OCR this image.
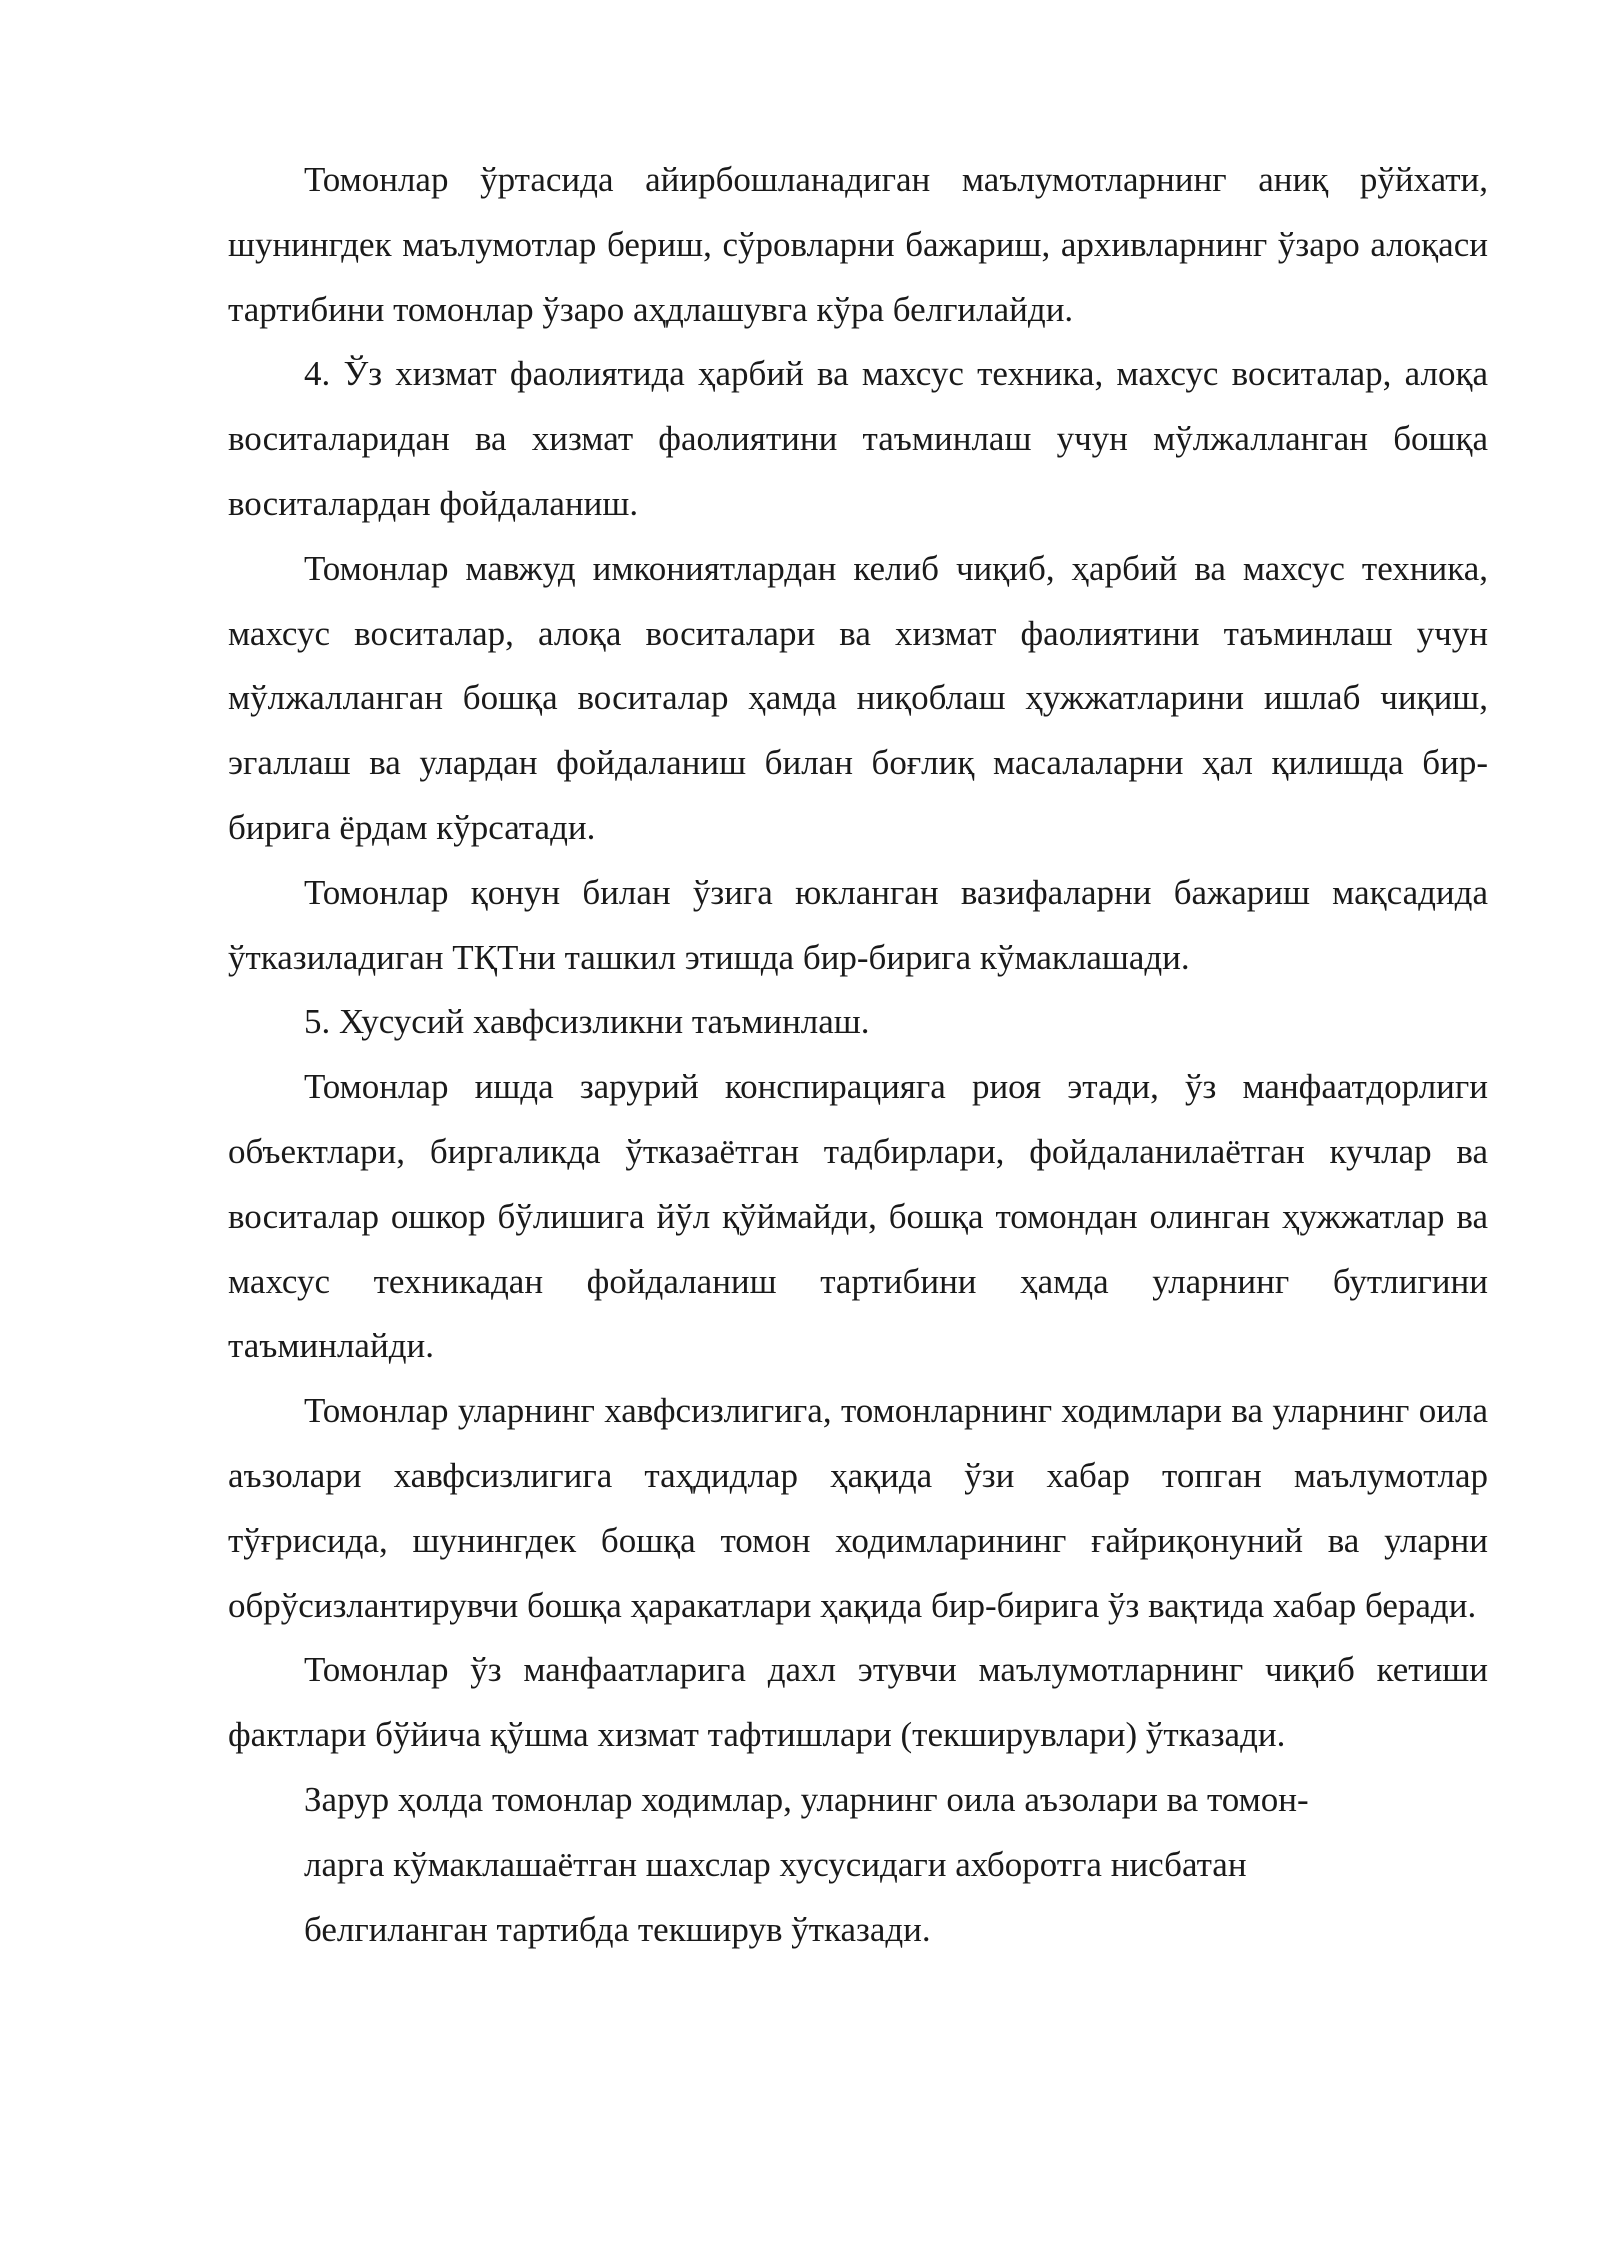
Томонлар ўртасида айирбошланадиган маълумотларнинг аниқ рўйхати, шунингдек маълумотлар бериш, сўровларни бажариш, архивларнинг ўзаро алоқаси тартибини томонлар ўзаро аҳдлашувга кўра белгилайди.

4. Ўз хизмат фаолиятида ҳарбий ва махсус техника, махсус воситалар, алоқа воситаларидан ва хизмат фаолиятини таъминлаш учун мўлжалланган бошқа воситалардан фойдаланиш.

Томонлар мавжуд имкониятлардан келиб чиқиб, ҳарбий ва махсус техника, махсус воситалар, алоқа воситалари ва хизмат фаолиятини таъминлаш учун мўлжалланган бошқа воситалар ҳамда ниқоблаш ҳужжатларини ишлаб чиқиш, эгаллаш ва улардан фойдаланиш билан боғлиқ масалаларни ҳал қилишда бир-бирига ёрдам кўрсатади.

Томонлар қонун билан ўзига юкланган вазифаларни бажариш мақсадида ўтказиладиган ТҚТни ташкил этишда бир-бирига кўмаклашади.

5. Хусусий хавфсизликни таъминлаш.

Томонлар ишда зарурий конспирацияга риоя этади, ўз манфаатдорлиги объектлари, биргаликда ўтказаётган тадбирлари, фойдаланилаётган кучлар ва воситалар ошкор бўлишига йўл қўймайди, бошқа томондан олинган ҳужжатлар ва махсус техникадан фойдаланиш тартибини ҳамда уларнинг бутлигини таъминлайди.

Томонлар уларнинг хавфсизлигига, томонларнинг ходимлари ва уларнинг оила аъзолари хавфсизлигига таҳдидлар ҳақида ўзи хабар топган маълумотлар тўғрисида, шунингдек бошқа томон ходимларининг ғайриқонуний ва уларни обрўсизлантирувчи бошқа ҳаракатлари ҳақида бир-бирига ўз вақтида хабар беради.

Томонлар ўз манфаатларига дахл этувчи маълумотларнинг чиқиб кетиши фактлари бўйича қўшма хизмат тафтишлари (текширувлари) ўтказади.

Зарур ҳолда томонлар ходимлар, уларнинг оила аъзолари ва томон-
ларга кўмаклашаётган шахслар хусусидаги ахборотга нисбатан
белгиланган тартибда текширув ўтказади.
